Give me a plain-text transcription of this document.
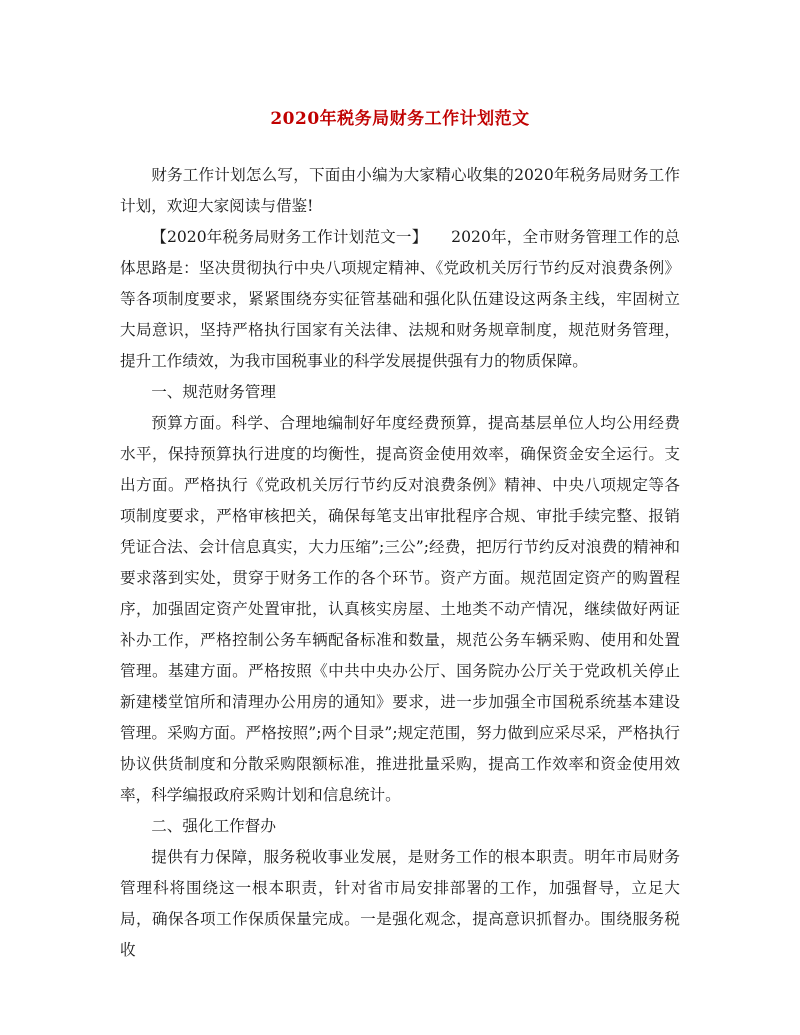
2020年税务局财务工作计划范文

财务工作计划怎么写，下面由小编为大家精心收集的2020年税务局财务工作计划，欢迎大家阅读与借鉴!

【2020年税务局财务工作计划范文一】　　2020年，全市财务管理工作的总体思路是：坚决贯彻执行中央八项规定精神、《党政机关厉行节约反对浪费条例》等各项制度要求，紧紧围绕夯实征管基础和强化队伍建设这两条主线，牢固树立大局意识，坚持严格执行国家有关法律、法规和财务规章制度，规范财务管理，提升工作绩效，为我市国税事业的科学发展提供强有力的物质保障。

一、规范财务管理

预算方面。科学、合理地编制好年度经费预算，提高基层单位人均公用经费水平，保持预算执行进度的均衡性，提高资金使用效率，确保资金安全运行。支出方面。严格执行《党政机关厉行节约反对浪费条例》精神、中央八项规定等各项制度要求，严格审核把关，确保每笔支出审批程序合规、审批手续完整、报销凭证合法、会计信息真实，大力压缩”;三公”;经费，把厉行节约反对浪费的精神和要求落到实处，贯穿于财务工作的各个环节。资产方面。规范固定资产的购置程序，加强固定资产处置审批，认真核实房屋、土地类不动产情况，继续做好两证补办工作，严格控制公务车辆配备标准和数量，规范公务车辆采购、使用和处置管理。基建方面。严格按照《中共中央办公厅、国务院办公厅关于党政机关停止新建楼堂馆所和清理办公用房的通知》要求，进一步加强全市国税系统基本建设管理。采购方面。严格按照”;两个目录”;规定范围，努力做到应采尽采，严格执行协议供货制度和分散采购限额标准，推进批量采购，提高工作效率和资金使用效率，科学编报政府采购计划和信息统计。

二、强化工作督办

提供有力保障，服务税收事业发展，是财务工作的根本职责。明年市局财务管理科将围绕这一根本职责，针对省市局安排部署的工作，加强督导，立足大局，确保各项工作保质保量完成。一是强化观念，提高意识抓督办。围绕服务税收
